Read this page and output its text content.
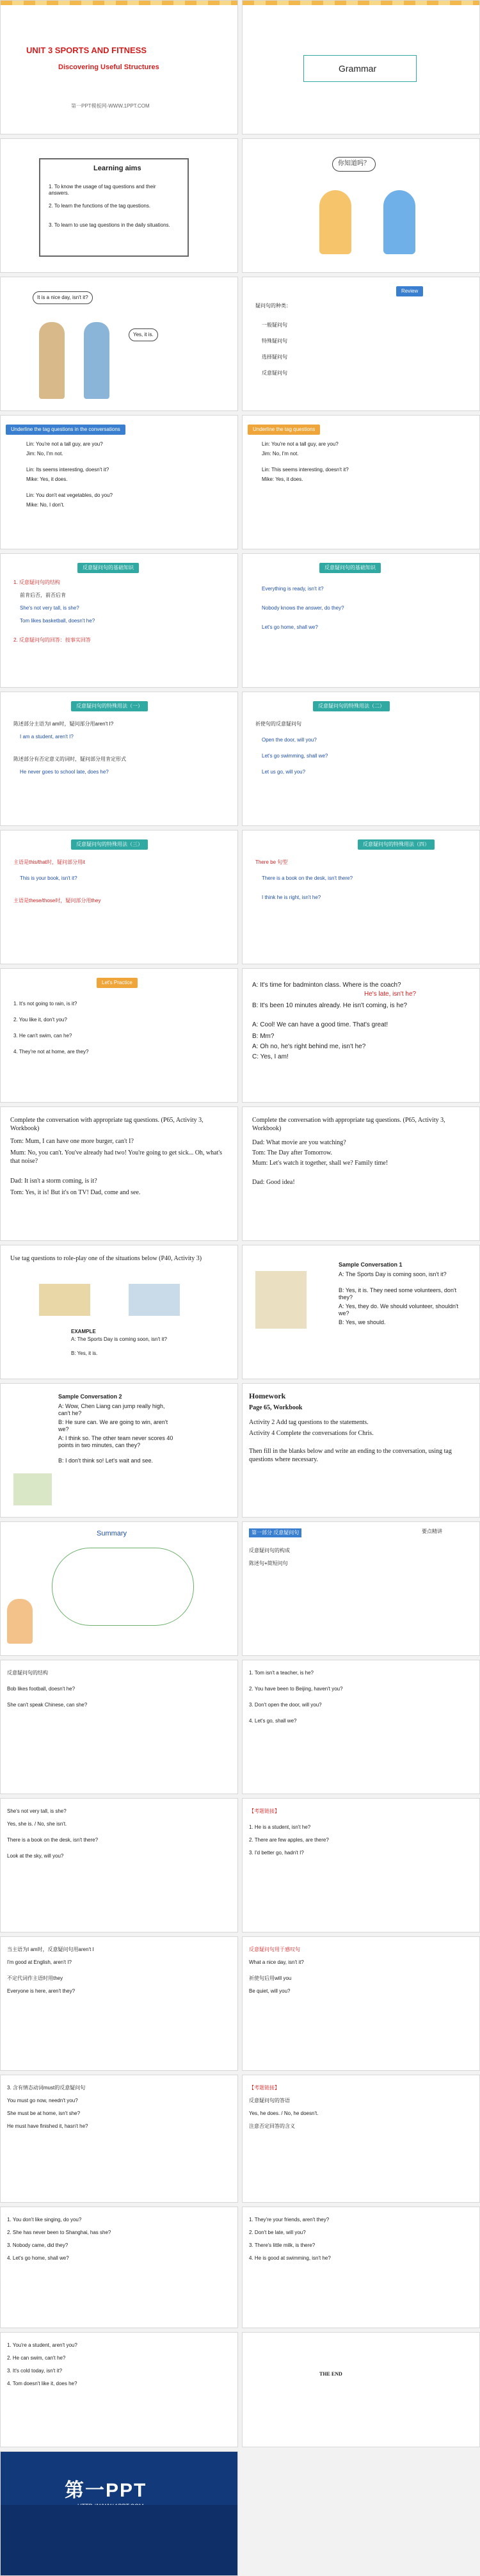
UNIT 3 SPORTS AND FITNESS
Discovering Useful Structures
第一PPT模板网-WWW.1PPT.COM
Grammar
Learning aims
1. To know the usage of tag questions and their answers.
2. To learn the functions of the tag questions.
3. To learn to use tag questions in the daily situations.
你知道吗？
It is a nice day, isn't it?
Yes, it is.
Review
疑问句的种类：
一般疑问句
特殊疑问句
选择疑问句
反意疑问句
Underline the tag questions in the conversations
Lin: You're not a tall guy, are you?
Jim: No, I'm not.
Lin: Its seems interesting, doesn't it?
Mike: Yes, it does.
Lin: You don't eat vegetables, do you?
Mike: No, I don't.
Underline the tag questions
Lin: You're not a tall guy, are you?
Jim: No, I'm not.
Lin: This seems interesting, doesn't it?
Mike: Yes, it does.
反意疑问句的基础知识
1. 反意疑问句的结构
前肯后否，前否后肯
She's not very tall, is she?
Tom likes basketball, doesn't he?
2. 反意疑问句的回答：按事实回答
反意疑问句的基础知识
Everything is ready, isn't it?
Nobody knows the answer, do they?
Let's go home, shall we?
反意疑问句的特殊用法（一）
陈述部分主语为I am时，疑问部分用aren't I?
I am a student, aren't I?
陈述部分有否定意义的词时，疑问部分用肯定形式
He never goes to school late, does he?
反意疑问句的特殊用法（二）
祈使句的反意疑问句
Open the door, will you?
Let's go swimming, shall we?
Let us go, will you?
反意疑问句的特殊用法（三）
主语是this/that时，疑问部分用it
This is your book, isn't it?
主语是these/those时，疑问部分用they
反意疑问句的特殊用法（四）
There be 句型
There is a book on the desk, isn't there?
I think he is right, isn't he?
Let's Practice
1. It's not going to rain, is it?
2. You like it, don't you?
3. He can't swim, can he?
4. They're not at home, are they?
A: It's time for badminton class. Where is the coach?
He's late, isn't he?
B: It's been 10 minutes already. He isn't coming, is he?
A: Cool! We can have a good time. That's great!
B: Mm?
A: Oh no, he's right behind me, isn't he?
C: Yes, I am!
Complete the conversation with appropriate tag questions. (P65, Activity 3, Workbook)
Tom: Mum, I can have one more burger, can't I?
Mum: No, you can't. You've already had two! You're going to get sick... Oh, what's that noise?
Dad: It isn't a storm coming, is it?
Tom: Yes, it is! But it's on TV! Dad, come and see.
Complete the conversation with appropriate tag questions. (P65, Activity 3, Workbook)
Dad: What movie are you watching?
Tom: The Day after Tomorrow.
Mum: Let's watch it together, shall we? Family time!
Dad: Good idea!
Use tag questions to role-play one of the situations below (P40, Activity 3)
EXAMPLE
A: The Sports Day is coming soon, isn't it?
B: Yes, it is.
Sample Conversation 1
A: The Sports Day is coming soon, isn't it?
B: Yes, it is. They need some volunteers, don't they?
A: Yes, they do. We should volunteer, shouldn't we?
B: Yes, we should.
Sample Conversation 2
A: Wow, Chen Liang can jump really high, can't he?
B: He sure can. We are going to win, aren't we?
A: I think so. The other team never scores 40 points in two minutes, can they?
B: I don't think so! Let's wait and see.
Homework
Page 65, Workbook
Activity 2 Add tag questions to the statements.
Activity 4 Complete the conversations for Chris.
Then fill in the blanks below and write an ending to the conversation, using tag questions where necessary.
Summary	第一部分 反意疑问句	要点精讲
反意疑问句的构成
陈述句+简短问句
反意疑问句的结构
Bob likes football, doesn't he?
She can't speak Chinese, can she?
1. Tom isn't a teacher, is he?
2. You have been to Beijing, haven't you?
3. Don't open the door, will you?
4. Let's go, shall we?
She's not very tall, is she?
Yes, she is. / No, she isn't.
There is a book on the desk, isn't there?
Look at the sky, will you?
【考题链接】
1. He is a student, isn't he?
2. There are few apples, are there?
3. I'd better go, hadn't I?
当主语为I am时，反意疑问句用aren't I
I'm good at English, aren't I?
不定代词作主语时用they
Everyone is here, aren't they?
反意疑问句用于感叹句
What a nice day, isn't it?
祈使句后用will you
Be quiet, will you?
3. 含有情态动词must的反意疑问句
You must go now, needn't you?
She must be at home, isn't she?
He must have finished it, hasn't he?
【考题链接】
反意疑问句的答语
Yes, he does. / No, he doesn't.
注意否定回答的含义
1. You don't like singing, do you?
2. She has never been to Shanghai, has she?
3. Nobody came, did they?
4. Let's go home, shall we?
1. They're your friends, aren't they?
2. Don't be late, will you?
3. There's little milk, is there?
4. He is good at swimming, isn't he?
1. You're a student, aren't you?
2. He can swim, can't he?
3. It's cold today, isn't it?
4. Tom doesn't like it, does he?
THE END
第一PPT
